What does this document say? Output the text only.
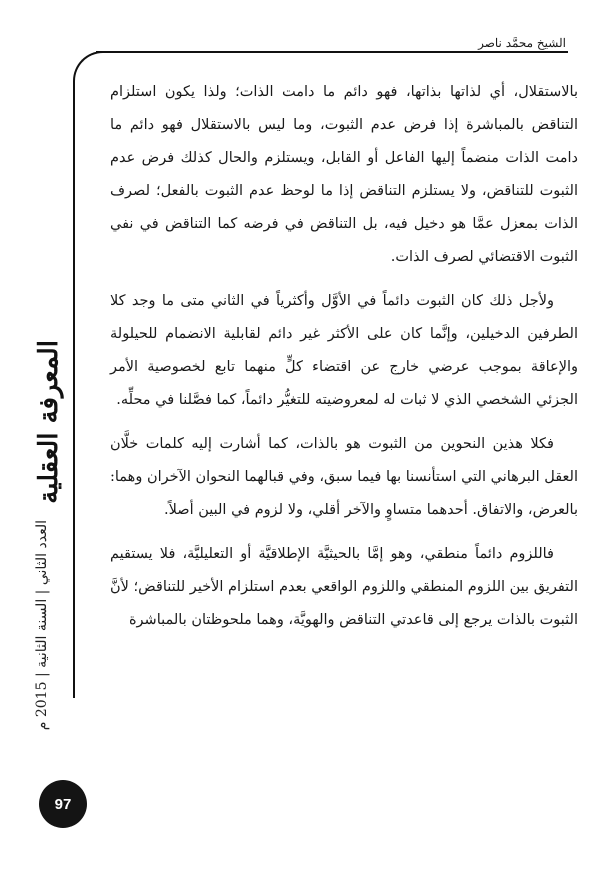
الشيخ محمَّد ناصر

بالاستقلال، أي لذاتها بذاتها، فهو دائم ما دامت الذات؛ ولذا يكون استلزام التناقض بالمباشرة إذا فرض عدم الثبوت، وما ليس بالاستقلال فهو دائم ما دامت الذات منضماً إليها الفاعل أو القابل، ويستلزم والحال كذلك فرض عدم الثبوت للتناقض، ولا يستلزم التناقض إذا ما لوحظ عدم الثبوت بالفعل؛ لصرف الذات بمعزل عمَّا هو دخيل فيه، بل التناقض في فرضه كما التناقض في نفي الثبوت الاقتضائي لصرف الذات.

ولأجل ذلك كان الثبوت دائماً في الأوَّل وأكثرياً في الثاني متى ما وجد كلا الطرفين الدخيلين، وإنَّما كان على الأكثر غير دائم لقابلية الانضمام للحيلولة والإعاقة بموجب عرضي خارج عن اقتضاء كلٍّ منهما تابع لخصوصية الأمر الجزئي الشخصي الذي لا ثبات له لمعروضيته للتغيُّر دائماً، كما فصَّلنا في محلِّه.

فكلا هذين النحوين من الثبوت هو بالذات، كما أشارت إليه كلمات خلَّان العقل البرهاني التي استأنسنا بها فيما سبق، وفي قبالهما النحوان الآخران وهما: بالعرض، والاتفاق. أحدهما متساوٍ والآخر أقلي، ولا لزوم في البين أصلاً.

فاللزوم دائماً منطقي، وهو إمَّا بالحيثيَّة الإطلاقيَّة أو التعليليَّة، فلا يستقيم التفريق بين اللزوم المنطقي واللزوم الواقعي بعدم استلزام الأخير للتناقض؛ لأنَّ الثبوت بالذات يرجع إلى قاعدتي التناقض والهويَّة، وهما ملحوظتان بالمباشرة

المعرفة العقلية
العدد الثاني | السنة الثانية | 2015 م
97
